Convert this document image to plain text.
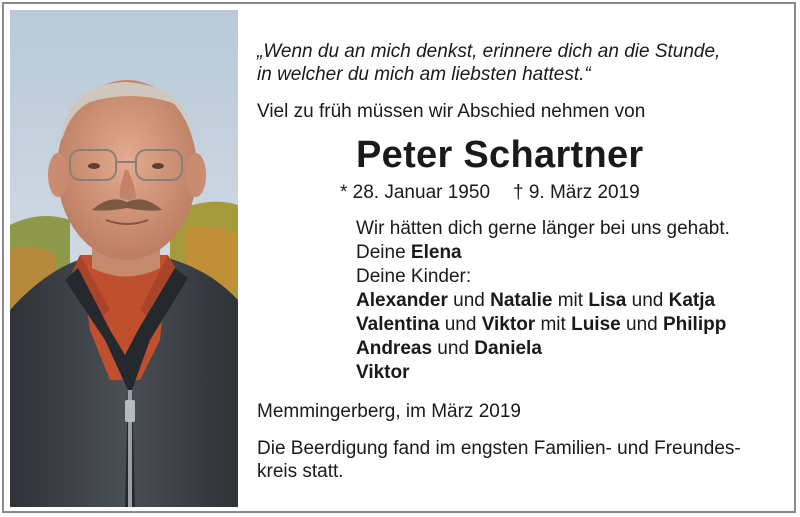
„Wenn du an mich denkst, erinnere dich an die Stunde,
in welcher du mich am liebsten hattest.“
Viel zu früh müssen wir Abschied nehmen von
Peter Schartner
* 28. Januar 1950 † 9. März 2019
Wir hätten dich gerne länger bei uns gehabt.
Deine Elena
Deine Kinder:
Alexander und Natalie mit Lisa und Katja
Valentina und Viktor mit Luise und Philipp
Andreas und Daniela
Viktor
Memmingerberg, im März 2019
Die Beerdigung fand im engsten Familien- und Freundes-
kreis statt.
